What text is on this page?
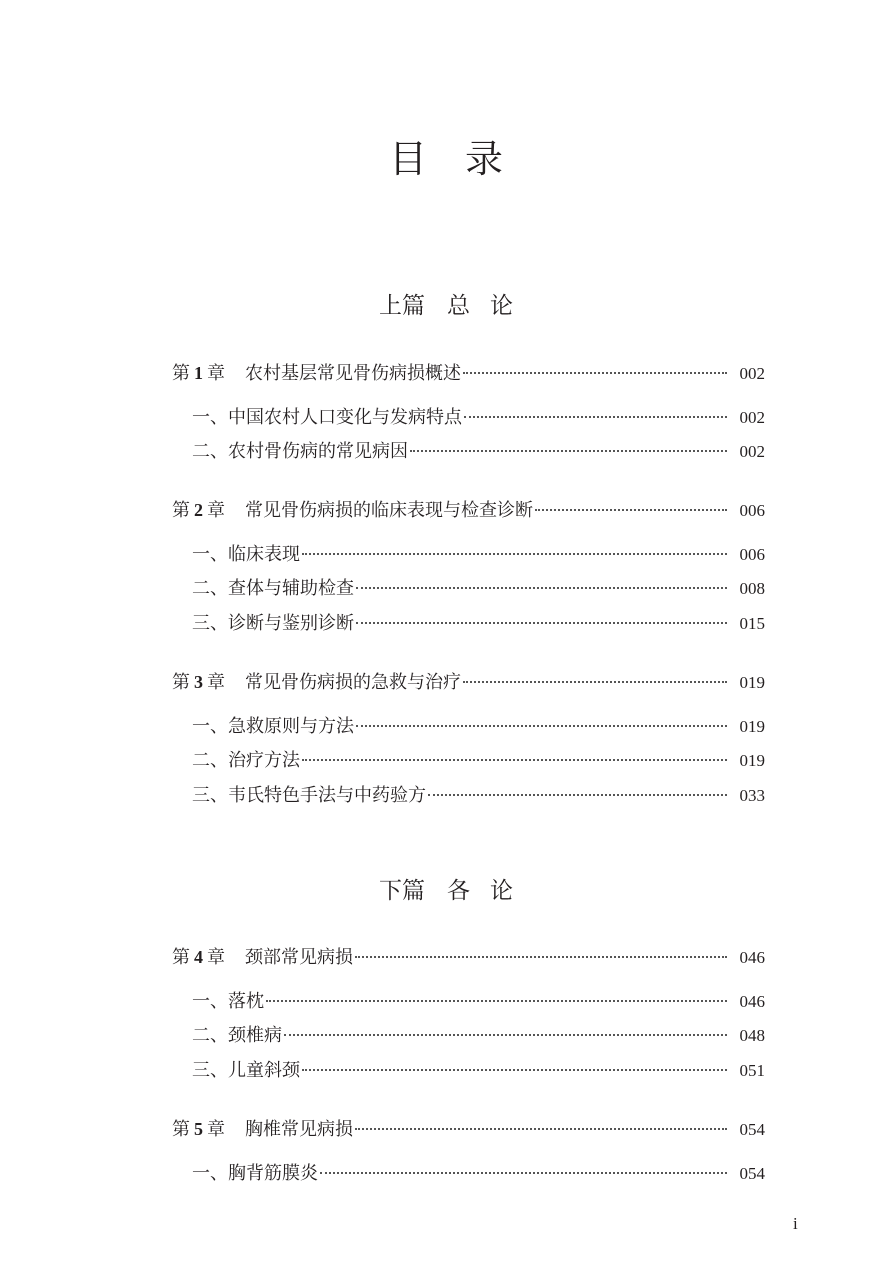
目 录
上篇 总 论
第 1 章 农村基层常见骨伤病损概述	002
一、中国农村人口变化与发病特点	002
二、农村骨伤病的常见病因	002
第 2 章 常见骨伤病损的临床表现与检查诊断	006
一、临床表现	006
二、查体与辅助检查	008
三、诊断与鉴别诊断	015
第 3 章 常见骨伤病损的急救与治疗	019
一、急救原则与方法	019
二、治疗方法	019
三、韦氏特色手法与中药验方	033
下篇 各 论
第 4 章 颈部常见病损	046
一、落枕	046
二、颈椎病	048
三、儿童斜颈	051
第 5 章 胸椎常见病损	054
一、胸背筋膜炎	054
i
